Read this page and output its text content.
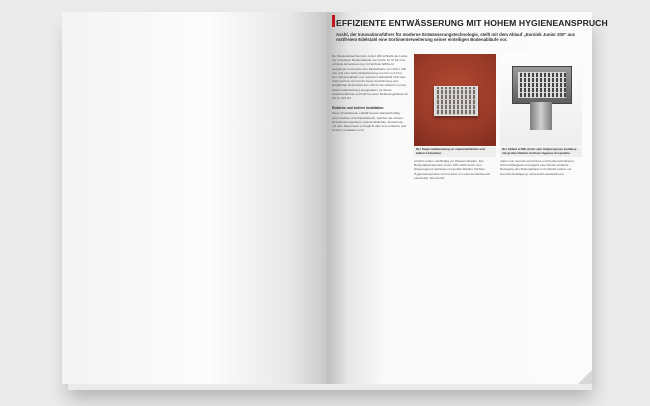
EFFIZIENTE ENTWÄSSERUNG MIT HOHEM HYGIENEANSPRUCH
Aschl, der Innovationsführer für moderne Entwässerungstechnologie, stellt mit dem Ablauf „Euroink Junior 200" aus rostfreiem Edelstahl eine Sortimenterweiterung seiner einteiligen Bodenabläufe vor.
Der Bodenablauf Euroink Junior 200 schließt die Lücke der einteiligen Bodenabläufe von Aschl. Er ist für eine schnelle Entwässerung mit höchster Effizienz ausgelegt und besitzt eine Einlaufkante von 200 x 200 mm und eine hohe Ablaufleistung von bis zu 2,5 l/s. Der Industrieablauf aus rostfreiem Edelstahl V2A oder V4A zeichnet sich durch beste Verarbeitung und langjährige Robustheit aus. Mit ihr der Ablauf mit einer Gitterrostabdeckung ausgestattet, ist dieser staplerbefahrbar und hält bei einer Belastungsklasse M bis zu 125 kN.
Einfache und sichere Installation
Diese Produktserie enthält bereits standardmäßig einen dichten Anschlussflansch, welcher die sichere Entwässerungsebene optimal abdichtet. Zusammen mit dem Mauerwerk ermöglicht dies eine einfache und sichere Installation und
Der Stegrostabdeckung ist staplerbefahrbar und äußerst belastbar.
Der Ablauf erfüllt durch sein tiefgezogenes Gehäuse mit großen Radien höchste Hygiene-Ansprüche.
schützt zudem nachhaltig vor Wasserschäden. Der Bodenablauf Euroink Junior 200 erfüllt durch sein tiefgezogenes Gehäuse mit großen Radien höchste Hygieneansprüche und ist auch im Lebensmittelbereich einsetzbar. Die Kombi-
nation von Geruchsverschluss und herausnehmbarem Schmutzfangkorb ermöglicht eine höchst einfache Reinigung des Bodenablaufs und schützt zudem vor Geruchsbelästigung. www.aschl-edelstahl.com
